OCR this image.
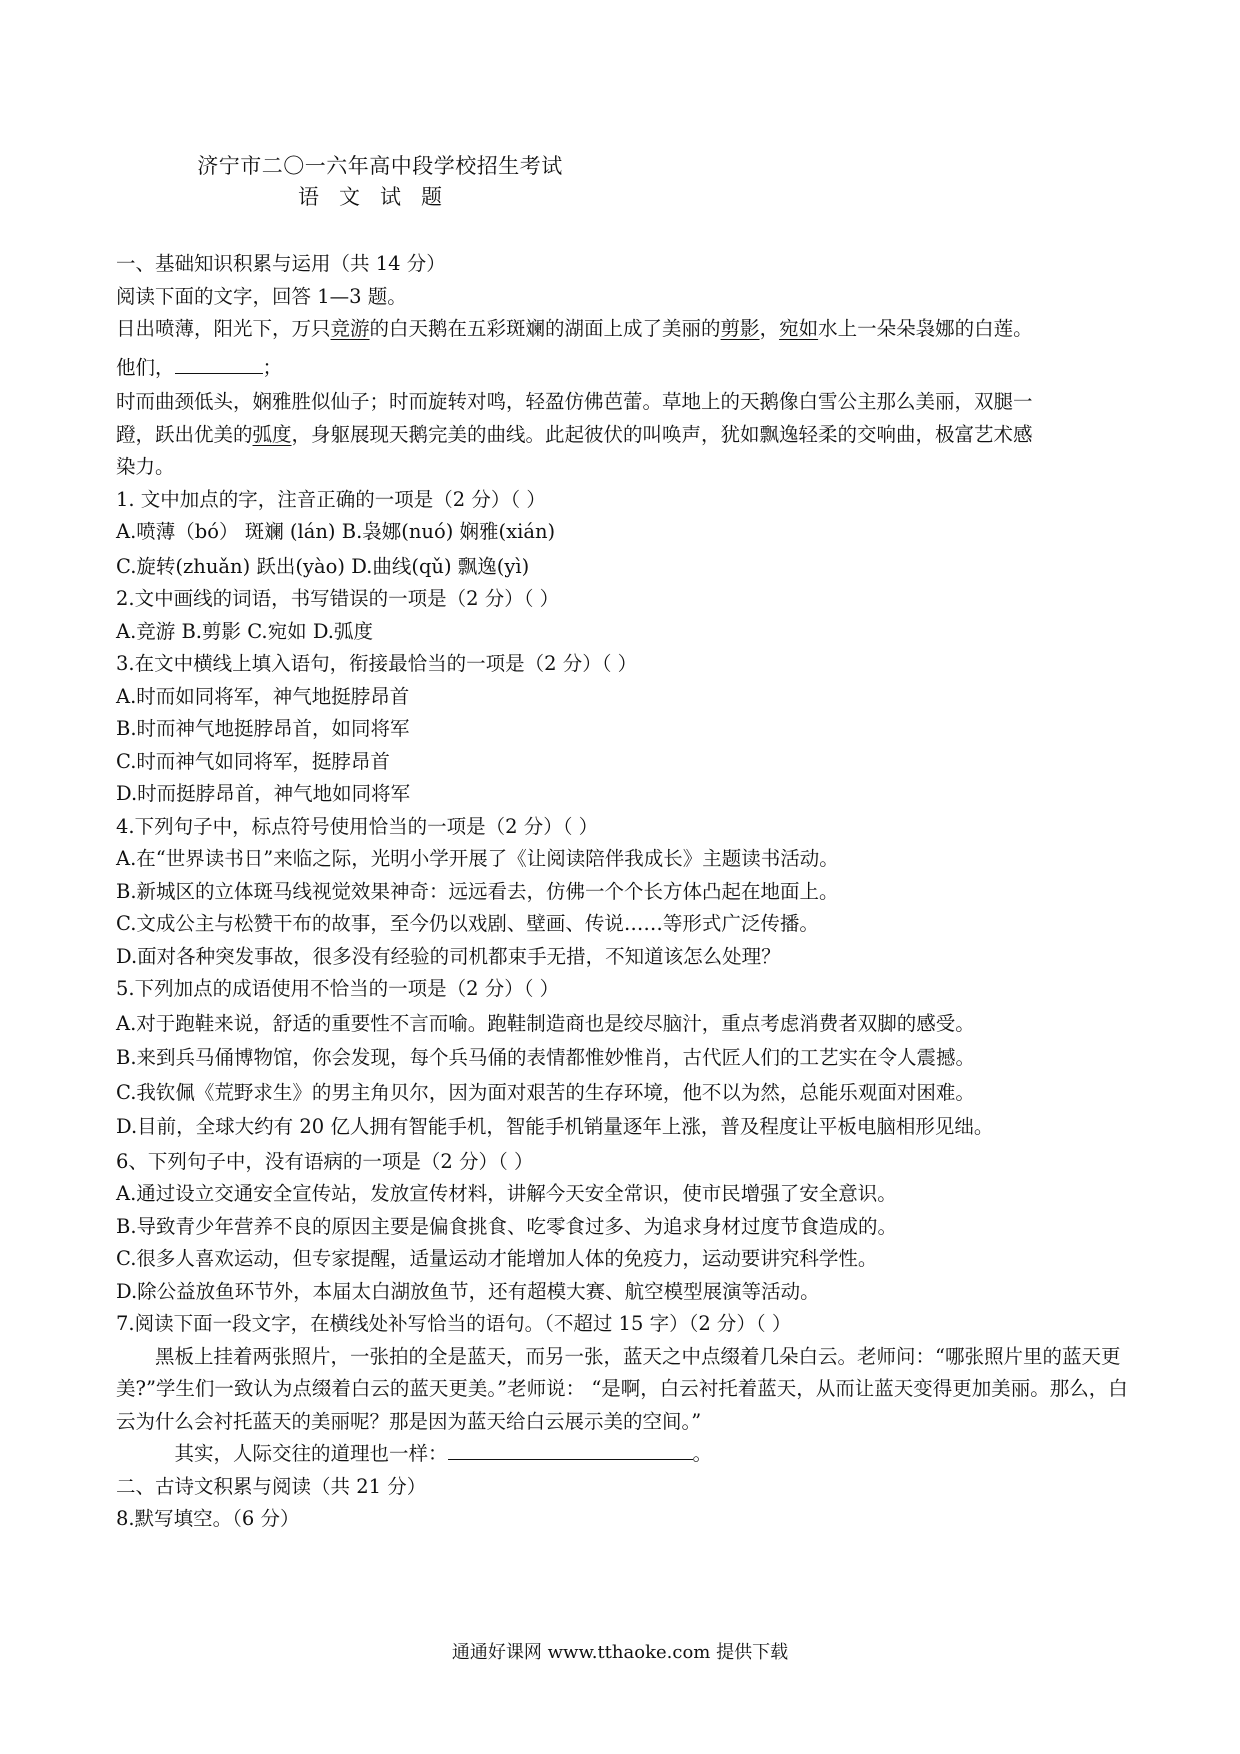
济宁市二〇一六年高中段学校招生考试
语文试题

一、基础知识积累与运用（共 14 分）

阅读下面的文字，回答 1—3 题。

日出喷薄，阳光下，万只竞游的白天鹅在五彩斑斓的湖面上成了美丽的剪影，宛如水上一朵朵袅娜的白莲。

他们，	；

时而曲颈低头，娴雅胜似仙子；时而旋转对鸣，轻盈仿佛芭蕾。草地上的天鹅像白雪公主那么美丽，双腿一

蹬，跃出优美的弧度，身躯展现天鹅完美的曲线。此起彼伏的叫唤声，犹如飘逸轻柔的交响曲，极富艺术感

染力。

1. 文中加点的字，注音正确的一项是（2 分）（ ）

A.喷薄（bó） 斑斓 (lán) B.袅娜(nuó) 娴雅(xián)

C.旋转(zhuǎn) 跃出(yào) D.曲线(qǔ) 飘逸(yì)

2.文中画线的词语，书写错误的一项是（2 分）（ ）

A.竞游 B.剪影 C.宛如 D.弧度

3.在文中横线上填入语句，衔接最恰当的一项是（2 分）（ ）

A.时而如同将军，神气地挺脖昂首

B.时而神气地挺脖昂首，如同将军

C.时而神气如同将军，挺脖昂首

D.时而挺脖昂首，神气地如同将军

4.下列句子中，标点符号使用恰当的一项是（2 分）（ ）

A.在“世界读书日”来临之际，光明小学开展了《让阅读陪伴我成长》主题读书活动。

B.新城区的立体斑马线视觉效果神奇：远远看去，仿佛一个个长方体凸起在地面上。

C.文成公主与松赞干布的故事，至今仍以戏剧、壁画、传说……等形式广泛传播。

D.面对各种突发事故，很多没有经验的司机都束手无措，不知道该怎么处理？

5.下列加点的成语使用不恰当的一项是（2 分）（ ）

A.对于跑鞋来说，舒适的重要性不言而喻。跑鞋制造商也是绞尽脑汁，重点考虑消费者双脚的感受。

B.来到兵马俑博物馆，你会发现，每个兵马俑的表情都惟妙惟肖，古代匠人们的工艺实在令人震撼。

C.我钦佩《荒野求生》的男主角贝尔，因为面对艰苦的生存环境，他不以为然，总能乐观面对困难。

D.目前，全球大约有 20 亿人拥有智能手机，智能手机销量逐年上涨，普及程度让平板电脑相形见绌。

6、下列句子中，没有语病的一项是（2 分）（ ）

A.通过设立交通安全宣传站，发放宣传材料，讲解今天安全常识，使市民增强了安全意识。

B.导致青少年营养不良的原因主要是偏食挑食、吃零食过多、为追求身材过度节食造成的。

C.很多人喜欢运动，但专家提醒，适量运动才能增加人体的免疫力，运动要讲究科学性。

D.除公益放鱼环节外，本届太白湖放鱼节，还有超模大赛、航空模型展演等活动。

7.阅读下面一段文字，在横线处补写恰当的语句。（不超过 15 字）（2 分）（ ）

黑板上挂着两张照片，一张拍的全是蓝天，而另一张，蓝天之中点缀着几朵白云。老师问：“哪张照片里的蓝天更美?”学生们一致认为点缀着白云的蓝天更美。”老师说： “是啊，白云衬托着蓝天，从而让蓝天变得更加美丽。那么，白云为什么会衬托蓝天的美丽呢？那是因为蓝天给白云展示美的空间。”

其实，人际交往的道理也一样：	。

二、古诗文积累与阅读（共 21 分）

8.默写填空。（6 分）

通通好课网 www.tthaoke.com 提供下载
